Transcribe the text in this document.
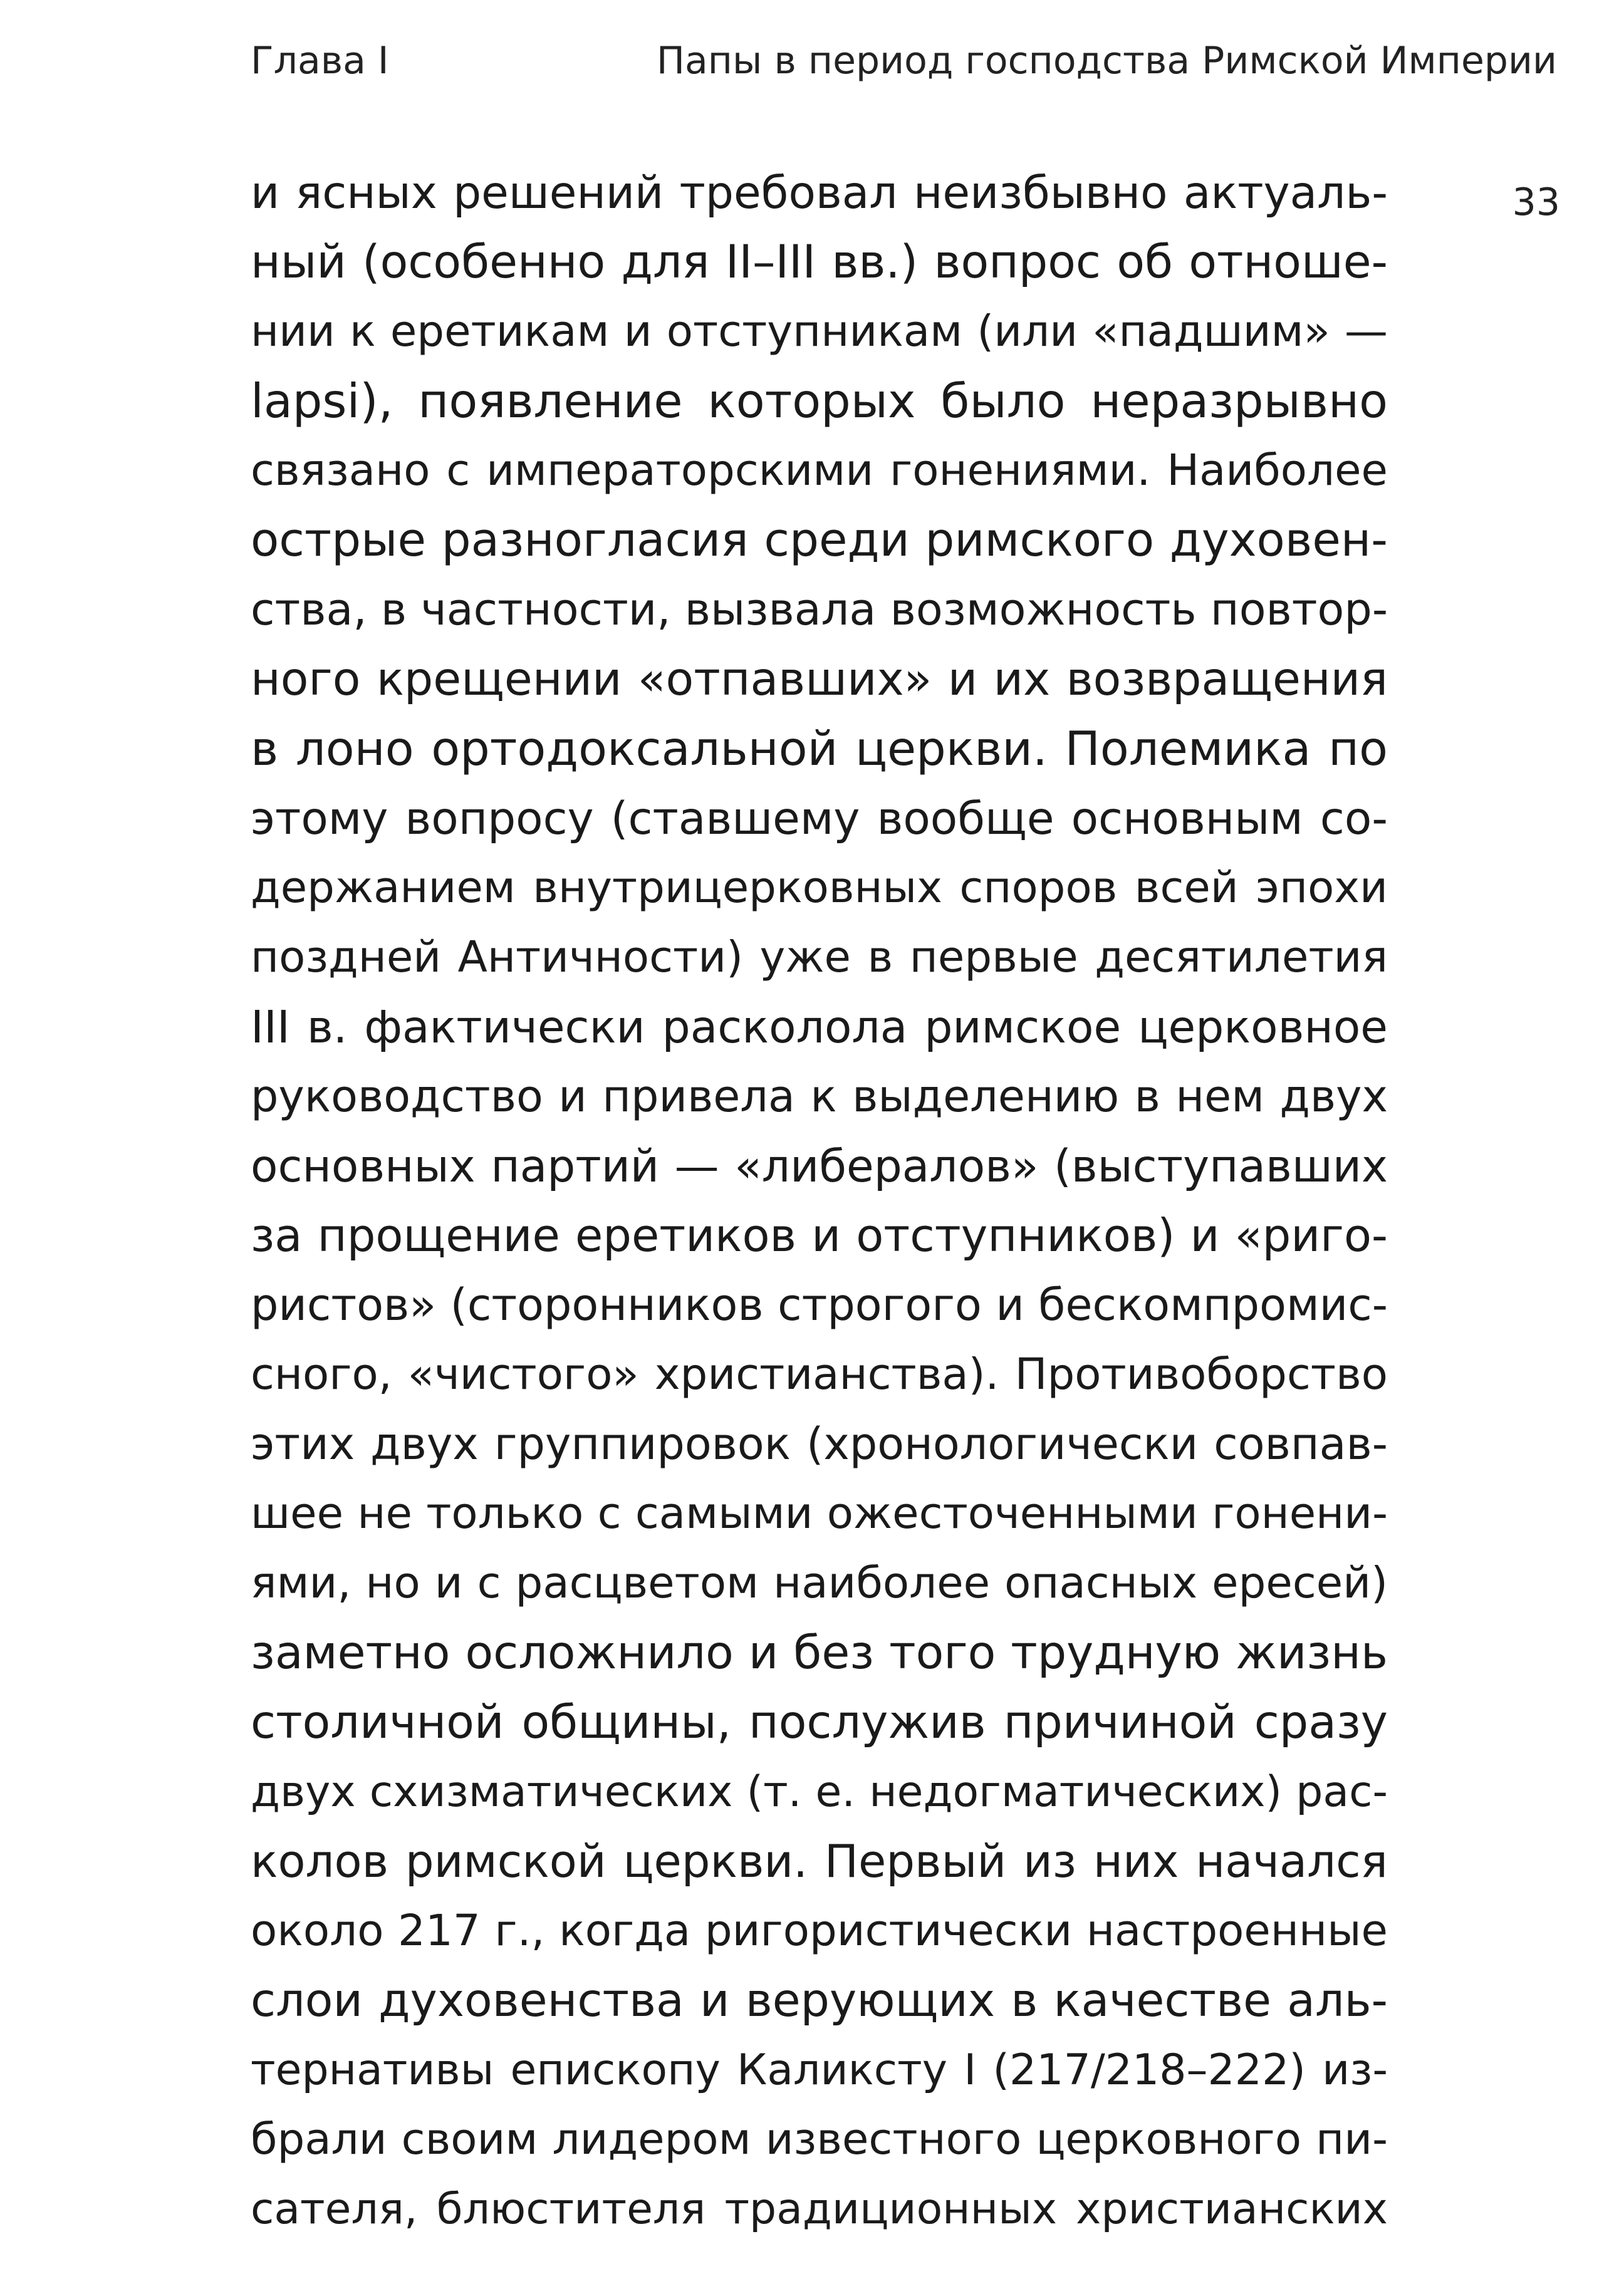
Глава I	Папы в период господства Римской Империи
33
и ясных решений требовал неизбывно актуаль-
ный (особенно для II–III вв.) вопрос об отноше-
нии к еретикам и отступникам (или «падшим» —
lapsi), появление которых было неразрывно
связано с императорскими гонениями. Наиболее
острые разногласия среди римского духовен-
ства, в частности, вызвала возможность повтор-
ного крещении «отпавших» и их возвращения
в лоно ортодоксальной церкви. Полемика по
этому вопросу (ставшему вообще основным со-
держанием внутрицерковных споров всей эпохи
поздней Античности) уже в первые десятилетия
III в. фактически расколола римское церковное
руководство и привела к выделению в нем двух
основных партий — «либералов» (выступавших
за прощение еретиков и отступников) и «риго-
ристов» (сторонников строгого и бескомпромис-
сного, «чистого» христианства). Противоборство
этих двух группировок (хронологически совпав-
шее не только с самыми ожесточенными гонени-
ями, но и с расцветом наиболее опасных ересей)
заметно осложнило и без того трудную жизнь
столичной общины, послужив причиной сразу
двух схизматических (т. е. недогматических) рас-
колов римской церкви. Первый из них начался
около 217 г., когда ригористически настроенные
слои духовенства и верующих в качестве аль-
тернативы епископу Каликсту I (217/218–222) из-
брали своим лидером известного церковного пи-
сателя, блюстителя традиционных христианских
